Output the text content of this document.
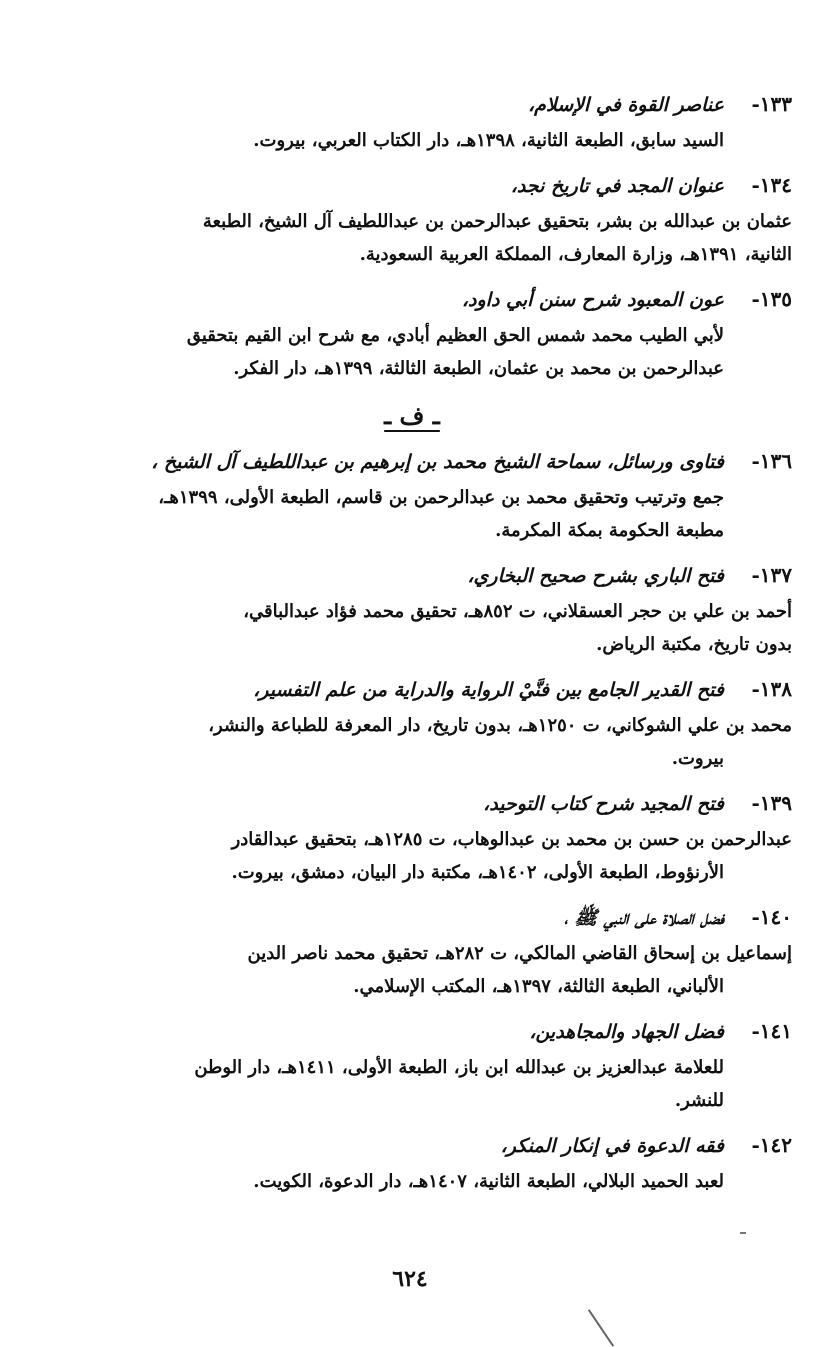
١٣٣-
عناصر القوة في الإسلام،
السيد سابق، الطبعة الثانية، ١٣٩٨هـ، دار الكتاب العربي، بيروت.
١٣٤-
عنوان المجد في تاريخ نجد،
عثمان بن عبدالله بن بشر، بتحقيق عبدالرحمن بن عبداللطيف آل الشيخ، الطبعة
الثانية، ١٣٩١هـ، وزارة المعارف، المملكة العربية السعودية.
١٣٥-
عون المعبود شرح سنن أبي داود،
لأبي الطيب محمد شمس الحق العظيم أبادي، مع شرح ابن القيم بتحقيق
عبدالرحمن بن محمد بن عثمان، الطبعة الثالثة، ١٣٩٩هـ، دار الفكر.
ـ ف ـ
١٣٦-
فتاوى ورسائل، سماحة الشيخ محمد بن إبرهيم بن عبداللطيف آل الشيخ ،
جمع وترتيب وتحقيق محمد بن عبدالرحمن بن قاسم، الطبعة الأولى، ١٣٩٩هـ،
مطبعة الحكومة بمكة المكرمة.
١٣٧-
فتح الباري بشرح صحيح البخاري،
أحمد بن علي بن حجر العسقلاني، ت ٨٥٢هـ، تحقيق محمد فؤاد عبدالباقي،
بدون تاريخ، مكتبة الرياض.
١٣٨-
فتح القدير الجامع بين فنَّيْ الرواية والدراية من علم التفسير،
محمد بن علي الشوكاني، ت ١٢٥٠هـ، بدون تاريخ، دار المعرفة للطباعة والنشر،
بيروت.
١٣٩-
فتح المجيد شرح كتاب التوحيد،
عبدالرحمن بن حسن بن محمد بن عبدالوهاب، ت ١٢٨٥هـ، بتحقيق عبدالقادر
الأرنؤوط، الطبعة الأولى، ١٤٠٢هـ، مكتبة دار البيان، دمشق، بيروت.
١٤٠-
فضل الصلاة على النبي ﷺ ،
إسماعيل بن إسحاق القاضي المالكي، ت ٢٨٢هـ، تحقيق محمد ناصر الدين
الألباني، الطبعة الثالثة، ١٣٩٧هـ، المكتب الإسلامي.
١٤١-
فضل الجهاد والمجاهدين،
للعلامة عبدالعزيز بن عبدالله ابن باز، الطبعة الأولى، ١٤١١هـ، دار الوطن
للنشر.
١٤٢-
فقه الدعوة في إنكار المنكر،
لعبد الحميد البلالي، الطبعة الثانية، ١٤٠٧هـ، دار الدعوة، الكويت.
٦٢٤
